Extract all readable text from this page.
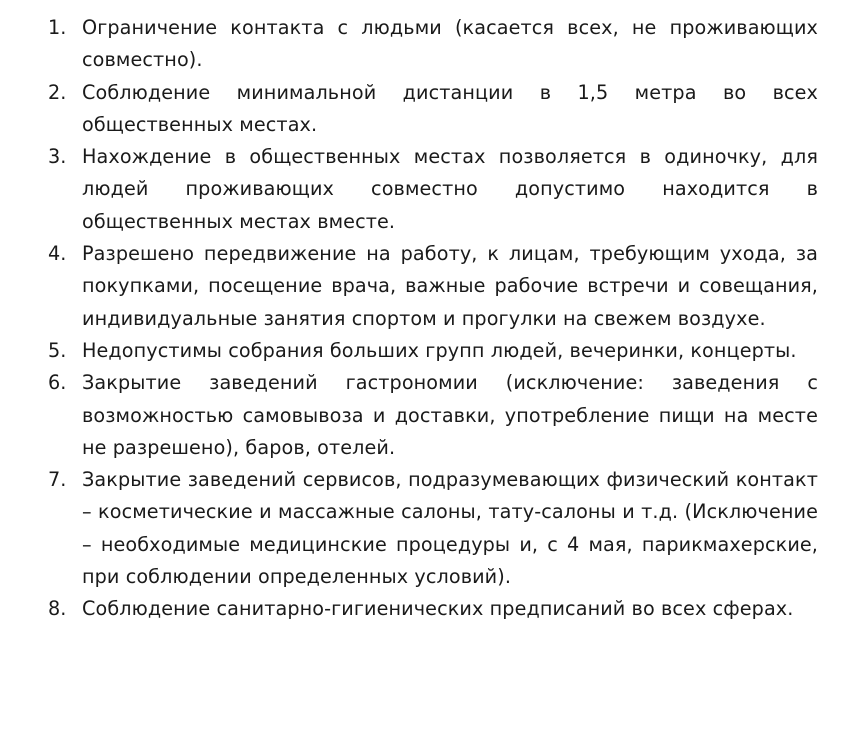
1. Ограничение контакта с людьми (касается всех, не проживающих совместно).
2. Соблюдение минимальной дистанции в 1,5 метра во всех общественных местах.
3. Нахождение в общественных местах позволяется в одиночку, для людей проживающих совместно допустимо находится в общественных местах вместе.
4. Разрешено передвижение на работу, к лицам, требующим ухода, за покупками, посещение врача, важные рабочие встречи и совещания, индивидуальные занятия спортом и прогулки на свежем воздухе.
5. Недопустимы собрания больших групп людей, вечеринки, концерты.
6. Закрытие заведений гастрономии (исключение: заведения с возможностью самовывоза и доставки, употребление пищи на месте не разрешено), баров, отелей.
7. Закрытие заведений сервисов, подразумевающих физический контакт – косметические и массажные салоны, тату-салоны и т.д. (Исключение – необходимые медицинские процедуры и, с 4 мая, парикмахерские, при соблюдении определенных условий).
8. Соблюдение санитарно-гигиенических предписаний во всех сферах.
